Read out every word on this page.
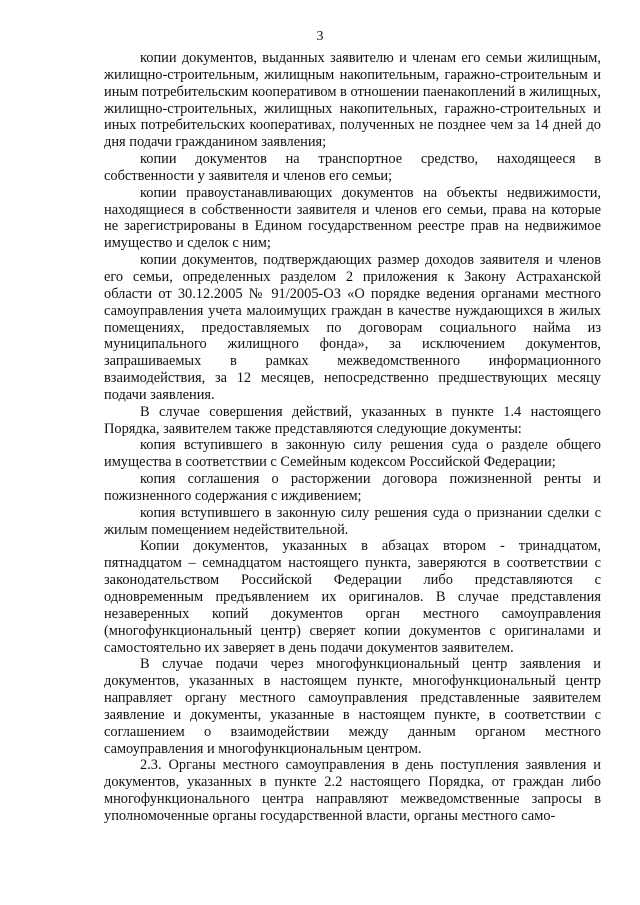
3

копии документов, выданных заявителю и членам его семьи жилищным, жилищно-строительным, жилищным накопительным, гаражно-строительным и иным потребительским кооперативом в отношении паенакоплений в жилищных, жилищно-строительных, жилищных накопительных, гаражно-строительных и иных потребительских кооперативах, полученных не позднее чем за 14 дней до дня подачи гражданином заявления;

копии документов на транспортное средство, находящееся в собственности у заявителя и членов его семьи;

копии правоустанавливающих документов на объекты недвижимости, находящиеся в собственности заявителя и членов его семьи, права на которые не зарегистрированы в Едином государственном реестре прав на недвижимое имущество и сделок с ним;

копии документов, подтверждающих размер доходов заявителя и членов его семьи, определенных разделом 2 приложения к Закону Астраханской области от 30.12.2005 № 91/2005-ОЗ «О порядке ведения органами местного самоуправления учета малоимущих граждан в качестве нуждающихся в жилых помещениях, предоставляемых по договорам социального найма из муниципального жилищного фонда», за исключением документов, запрашиваемых в рамках межведомственного информационного взаимодействия, за 12 месяцев, непосредственно предшествующих месяцу подачи заявления.

В случае совершения действий, указанных в пункте 1.4 настоящего Порядка, заявителем также представляются следующие документы:

копия вступившего в законную силу решения суда о разделе общего имущества в соответствии с Семейным кодексом Российской Федерации;

копия соглашения о расторжении договора пожизненной ренты и пожизненного содержания с иждивением;

копия вступившего в законную силу решения суда о признании сделки с жилым помещением недействительной.

Копии документов, указанных в абзацах втором - тринадцатом, пятнадцатом – семнадцатом настоящего пункта, заверяются в соответствии с законодательством Российской Федерации либо представляются с одновременным предъявлением их оригиналов. В случае представления незаверенных копий документов орган местного самоуправления (многофункциональный центр) сверяет копии документов с оригиналами и самостоятельно их заверяет в день подачи документов заявителем.

В случае подачи через многофункциональный центр заявления и документов, указанных в настоящем пункте, многофункциональный центр направляет органу местного самоуправления представленные заявителем заявление и документы, указанные в настоящем пункте, в соответствии с соглашением о взаимодействии между данным органом местного самоуправления и многофункциональным центром.

2.3. Органы местного самоуправления в день поступления заявления и документов, указанных в пункте 2.2 настоящего Порядка, от граждан либо многофункционального центра направляют межведомственные запросы в уполномоченные органы государственной власти, органы местного само-
